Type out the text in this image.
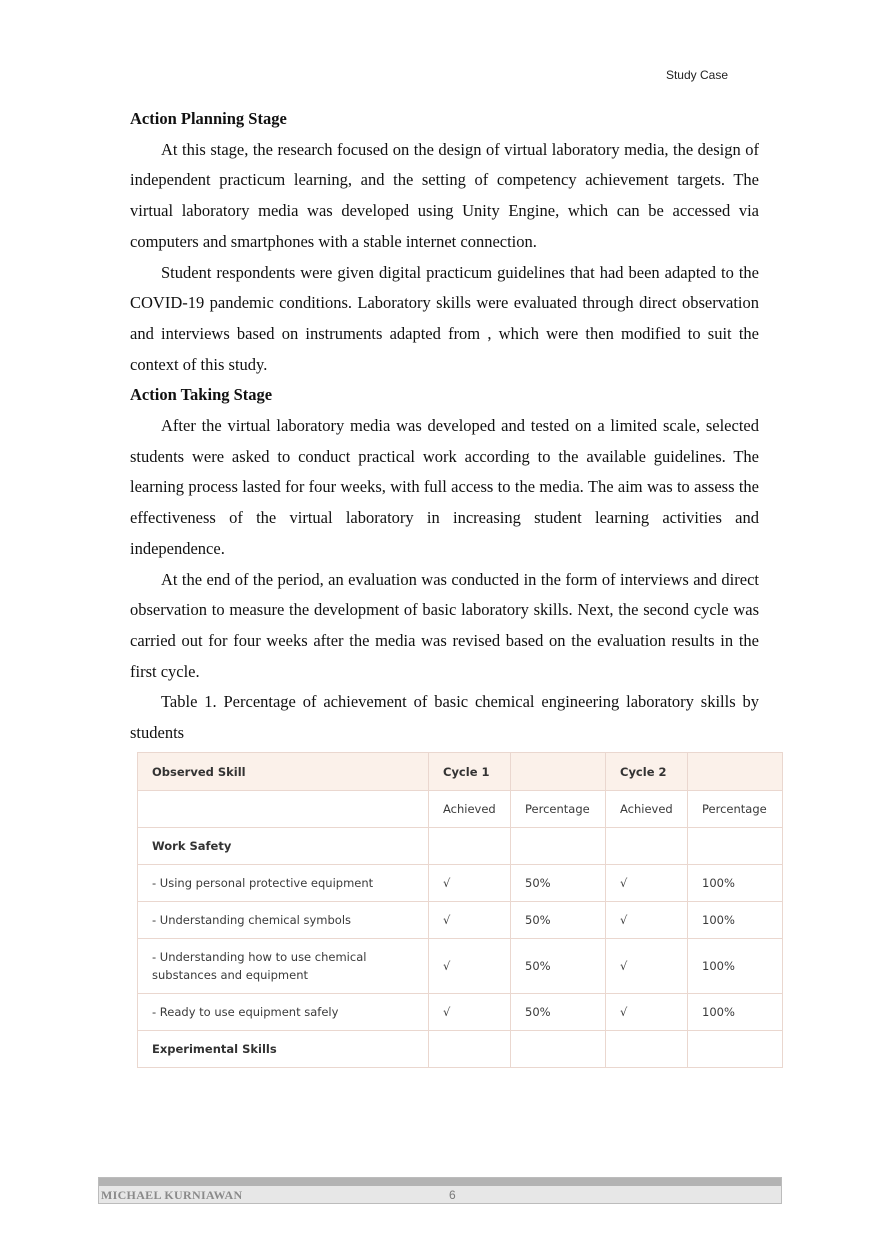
Study Case
Action Planning Stage

At this stage, the research focused on the design of virtual laboratory media, the design of independent practicum learning, and the setting of competency achievement targets. The virtual laboratory media was developed using Unity Engine, which can be accessed via computers and smartphones with a stable internet connection.

Student respondents were given digital practicum guidelines that had been adapted to the COVID-19 pandemic conditions. Laboratory skills were evaluated through direct observation and interviews based on instruments adapted from , which were then modified to suit the context of this study.

Action Taking Stage

After the virtual laboratory media was developed and tested on a limited scale, selected students were asked to conduct practical work according to the available guidelines. The learning process lasted for four weeks, with full access to the media. The aim was to assess the effectiveness of the virtual laboratory in increasing student learning activities and independence.

At the end of the period, an evaluation was conducted in the form of interviews and direct observation to measure the development of basic laboratory skills. Next, the second cycle was carried out for four weeks after the media was revised based on the evaluation results in the first cycle.

Table 1. Percentage of achievement of basic chemical engineering laboratory skills by students

Observed Skill	Cycle 1		Cycle 2	
	Achieved	Percentage	Achieved	Percentage
Work Safety				
- Using personal protective equipment	√	50%	√	100%
- Understanding chemical symbols	√	50%	√	100%
- Understanding how to use chemical substances and equipment	√	50%	√	100%
- Ready to use equipment safely	√	50%	√	100%
Experimental Skills				
MICHAEL KURNIAWAN	6
